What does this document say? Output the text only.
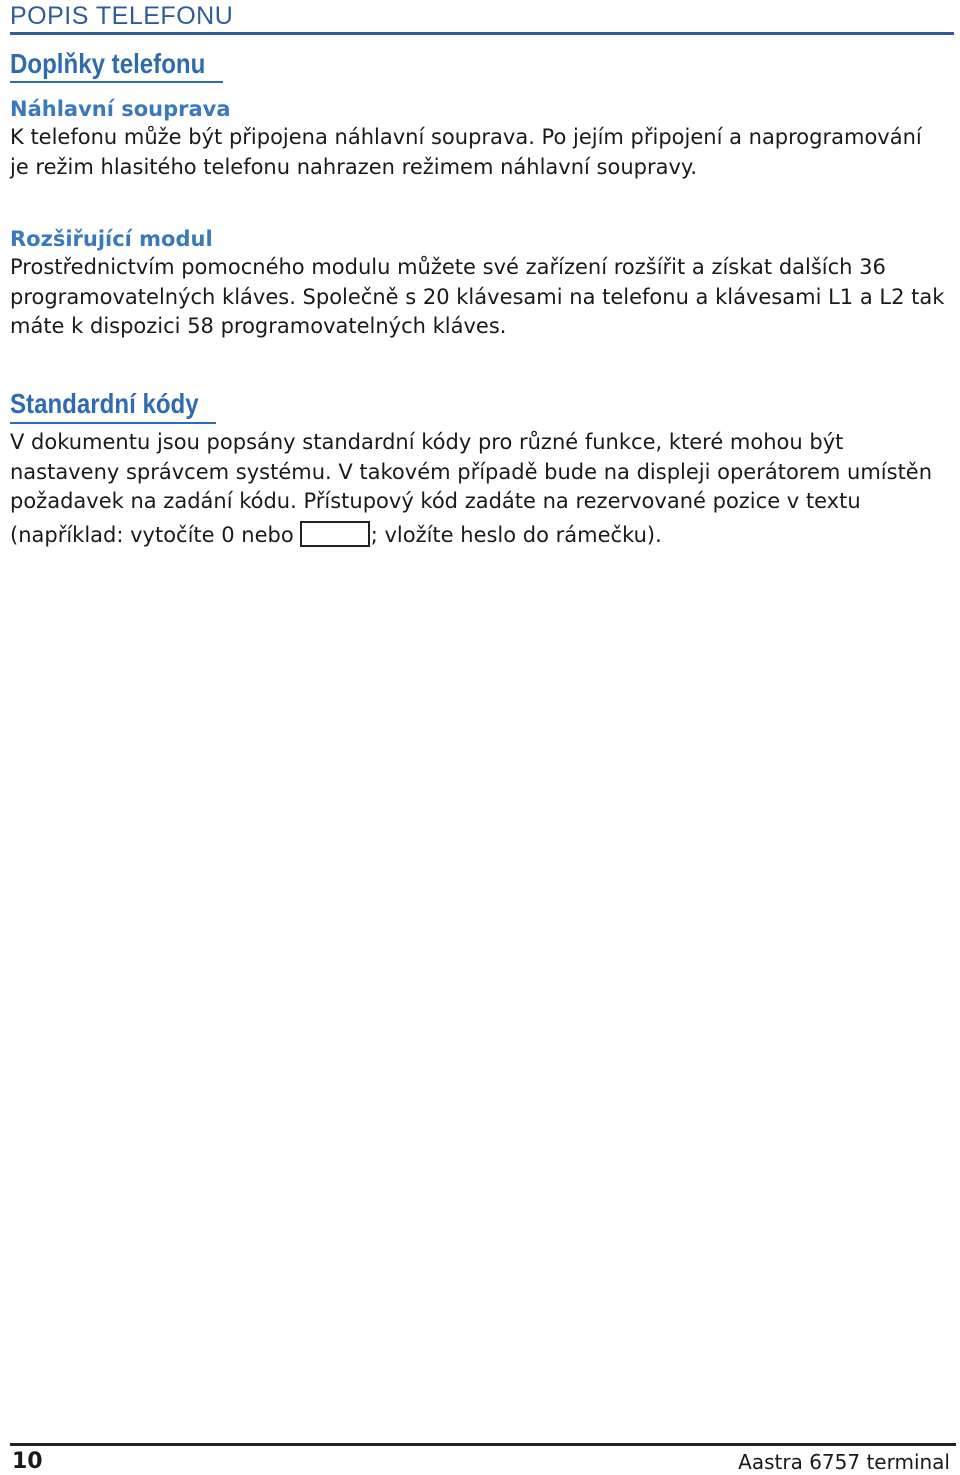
POPIS TELEFONU
Doplňky telefonu
Náhlavní souprava
K telefonu může být připojena náhlavní souprava. Po jejím připojení a naprogramování
je režim hlasitého telefonu nahrazen režimem náhlavní soupravy.
Rozšiřující modul
Prostřednictvím pomocného modulu můžete své zařízení rozšířit a získat dalších 36
programovatelných kláves. Společně s 20 klávesami na telefonu a klávesami L1 a L2 tak
máte k dispozici 58 programovatelných kláves.
Standardní kódy
V dokumentu jsou popsány standardní kódy pro různé funkce, které mohou být
nastaveny správcem systému. V takovém případě bude na displeji operátorem umístěn
požadavek na zadání kódu. Přístupový kód zadáte na rezervované pozice v textu
(například: vytočíte 0 nebo	; vložíte heslo do rámečku).
10	Aastra 6757 terminal
